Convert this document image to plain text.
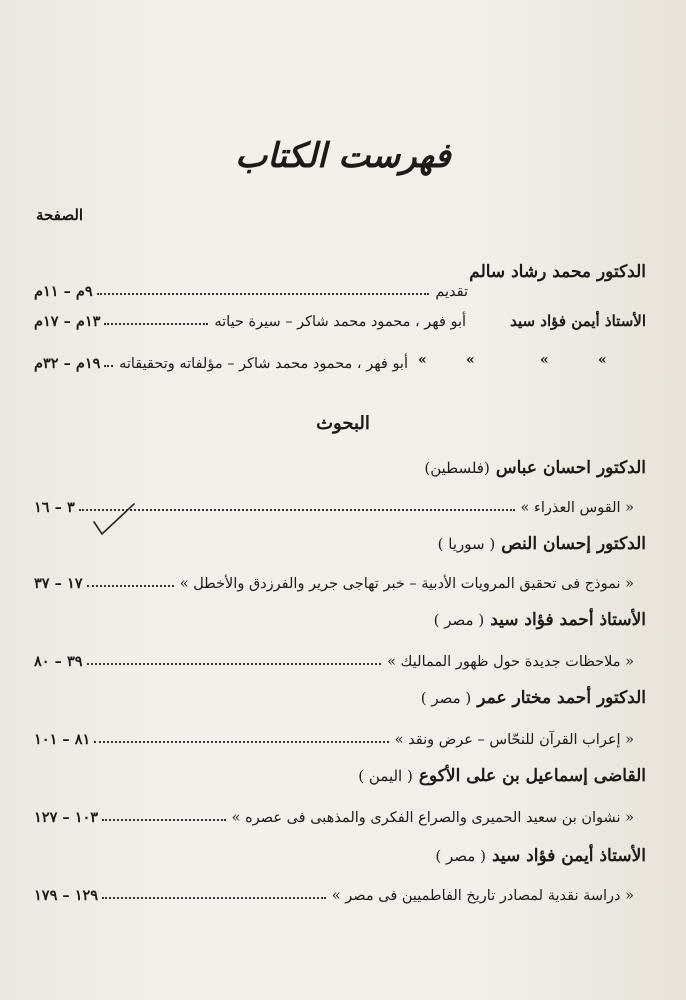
فهرست الكتاب
الصفحة
الدكتور محمد رشاد سالم
تقديم
٩م – ١١م
الأستاذ أيمن فؤاد سيد
أبو فهر ، محمود محمد شاكر – سيرة حياته
١٣م – ١٧م
«
«
«
«
أبو فهر ، محمود محمد شاكر – مؤلفاته وتحقيقاته
١٩م – ٣٢م
البحوث
الدكتور احسان عباس(فلسطين)
« القوس العذراء »
٣ – ١٦
الدكتور إحسان النص( سوريا )
« نموذج فى تحقيق المرويات الأدبية – خبر تهاجى جرير والفرزدق والأخطل »
١٧ – ٣٧
الأستاذ أحمد فؤاد سيد( مصر )
« ملاحظات جديدة حول ظهور المماليك »
٣٩ – ٨٠
الدكتور أحمد مختار عمر( مصر )
« إعراب القرآن للنحّاس – عرض ونقد »
٨١ – ١٠١
القاضى إسماعيل بن على الأكوع( اليمن )
« نشوان بن سعيد الحميرى والصراع الفكرى والمذهبى فى عصره »
١٠٣ – ١٢٧
الأستاذ أيمن فؤاد سيد( مصر )
« دراسة نقدية لمصادر تاريخ الفاطميين فى مصر »
١٢٩ – ١٧٩
